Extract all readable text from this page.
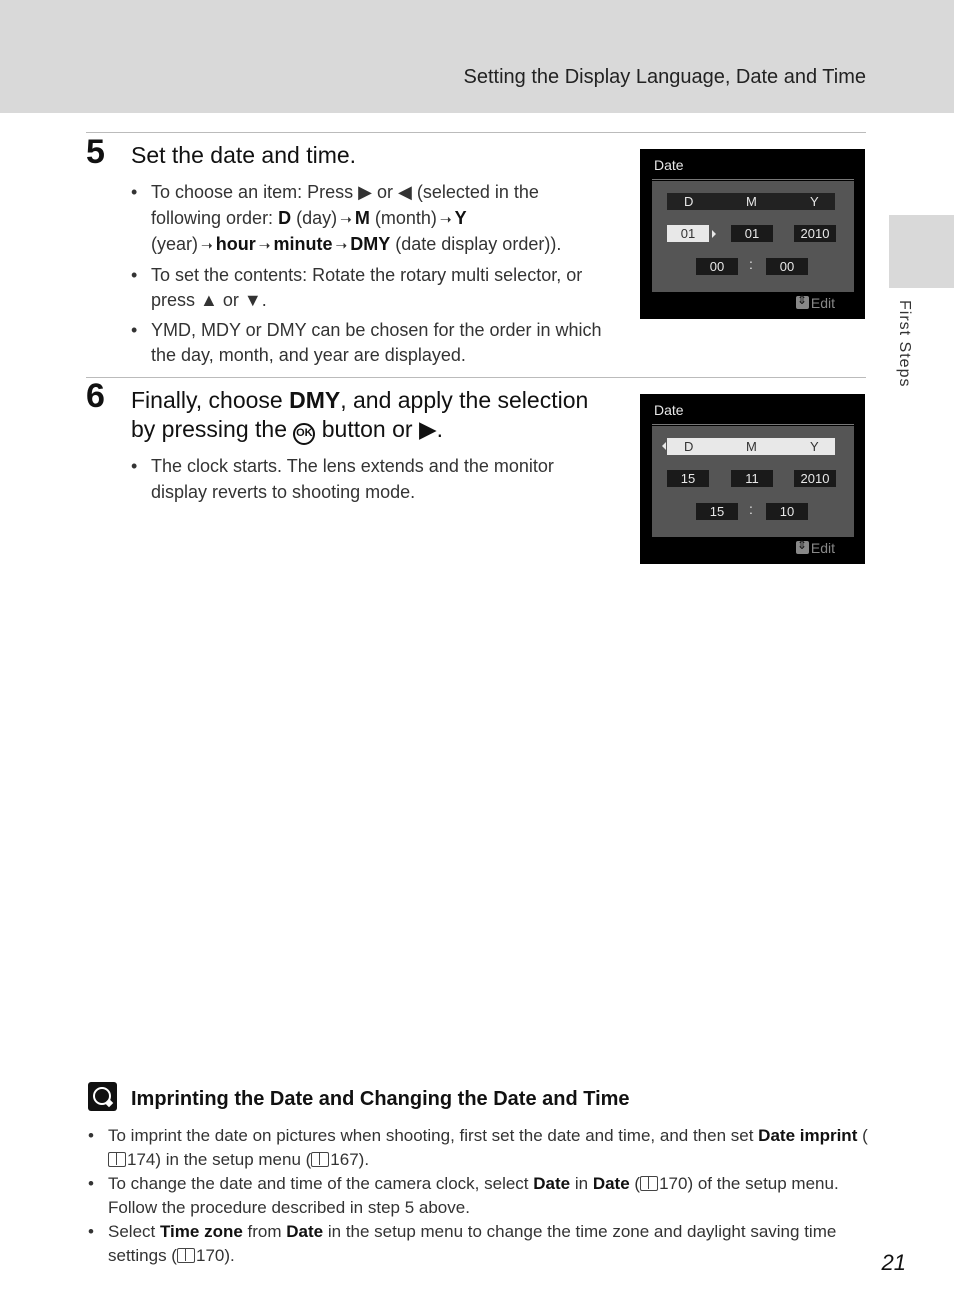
Setting the Display Language, Date and Time
First Steps
5 Set the date and time.
• To choose an item: Press ▶ or ◀ (selected in the following order: D (day) ➝ M (month) ➝ Y (year) ➝ hour ➝ minute ➝ DMY (date display order)).
• To set the contents: Rotate the rotary multi selector, or press ▲ or ▼.
• YMD, MDY or DMY can be chosen for the order in which the day, month, and year are displayed.
Date
D	M	Y
01	01	2010
00	:	00
⇕Edit
6 Finally, choose DMY, and apply the selection by pressing the OK button or ▶.
• The clock starts. The lens extends and the monitor display reverts to shooting mode.
Date
D	M	Y
15	11	2010
15	:	10
⇕Edit
Imprinting the Date and Changing the Date and Time
• To imprint the date on pictures when shooting, first set the date and time, and then set Date imprint (174) in the setup menu ( 167).
• To change the date and time of the camera clock, select Date in Date ( 170) of the setup menu. Follow the procedure described in step 5 above.
• Select Time zone from Date in the setup menu to change the time zone and daylight saving time settings ( 170).	21
